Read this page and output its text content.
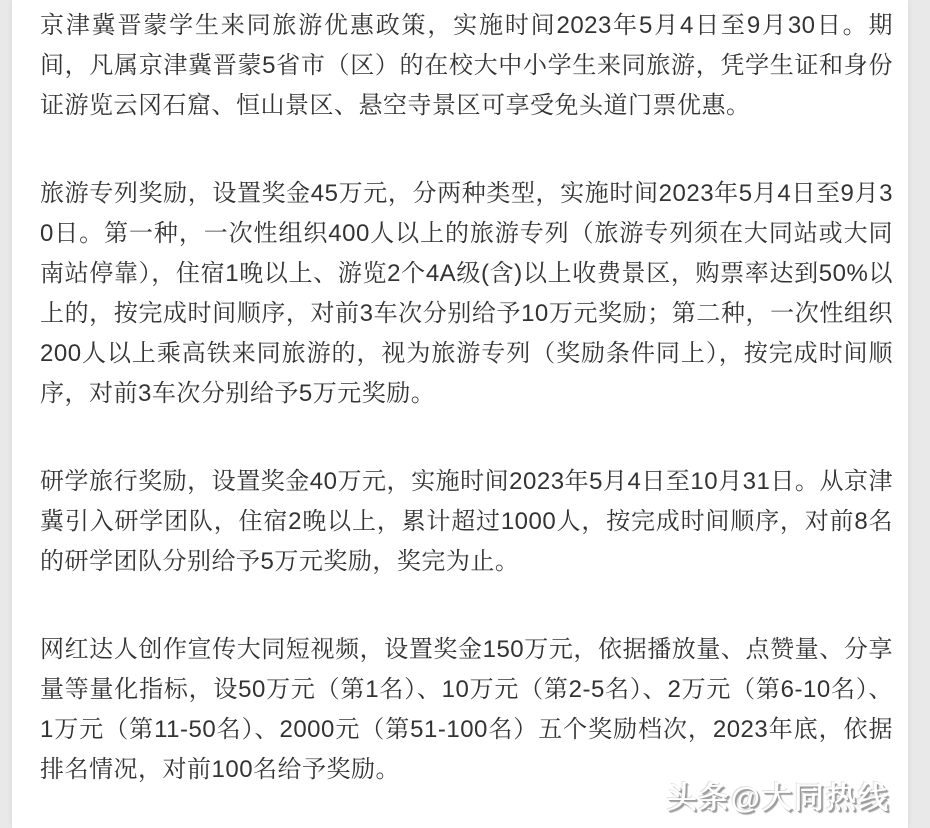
京津冀晋蒙学生来同旅游优惠政策，实施时间2023年5月4日至9月30日。期间，凡属京津冀晋蒙5省市（区）的在校大中小学生来同旅游，凭学生证和身份证游览云冈石窟、恒山景区、悬空寺景区可享受免头道门票优惠。

旅游专列奖励，设置奖金45万元，分两种类型，实施时间2023年5月4日至9月30日。第一种，一次性组织400人以上的旅游专列（旅游专列须在大同站或大同南站停靠），住宿1晚以上、游览2个4A级(含)以上收费景区，购票率达到50%以上的，按完成时间顺序，对前3车次分别给予10万元奖励；第二种，一次性组织200人以上乘高铁来同旅游的，视为旅游专列（奖励条件同上），按完成时间顺序，对前3车次分别给予5万元奖励。

研学旅行奖励，设置奖金40万元，实施时间2023年5月4日至10月31日。从京津冀引入研学团队，住宿2晚以上，累计超过1000人，按完成时间顺序，对前8名的研学团队分别给予5万元奖励，奖完为止。

网红达人创作宣传大同短视频，设置奖金150万元，依据播放量、点赞量、分享量等量化指标，设50万元（第1名）、10万元（第2-5名）、2万元（第6-10名）、1万元（第11-50名）、2000元（第51-100名）五个奖励档次，2023年底，依据排名情况，对前100名给予奖励。

头条@大同热线
